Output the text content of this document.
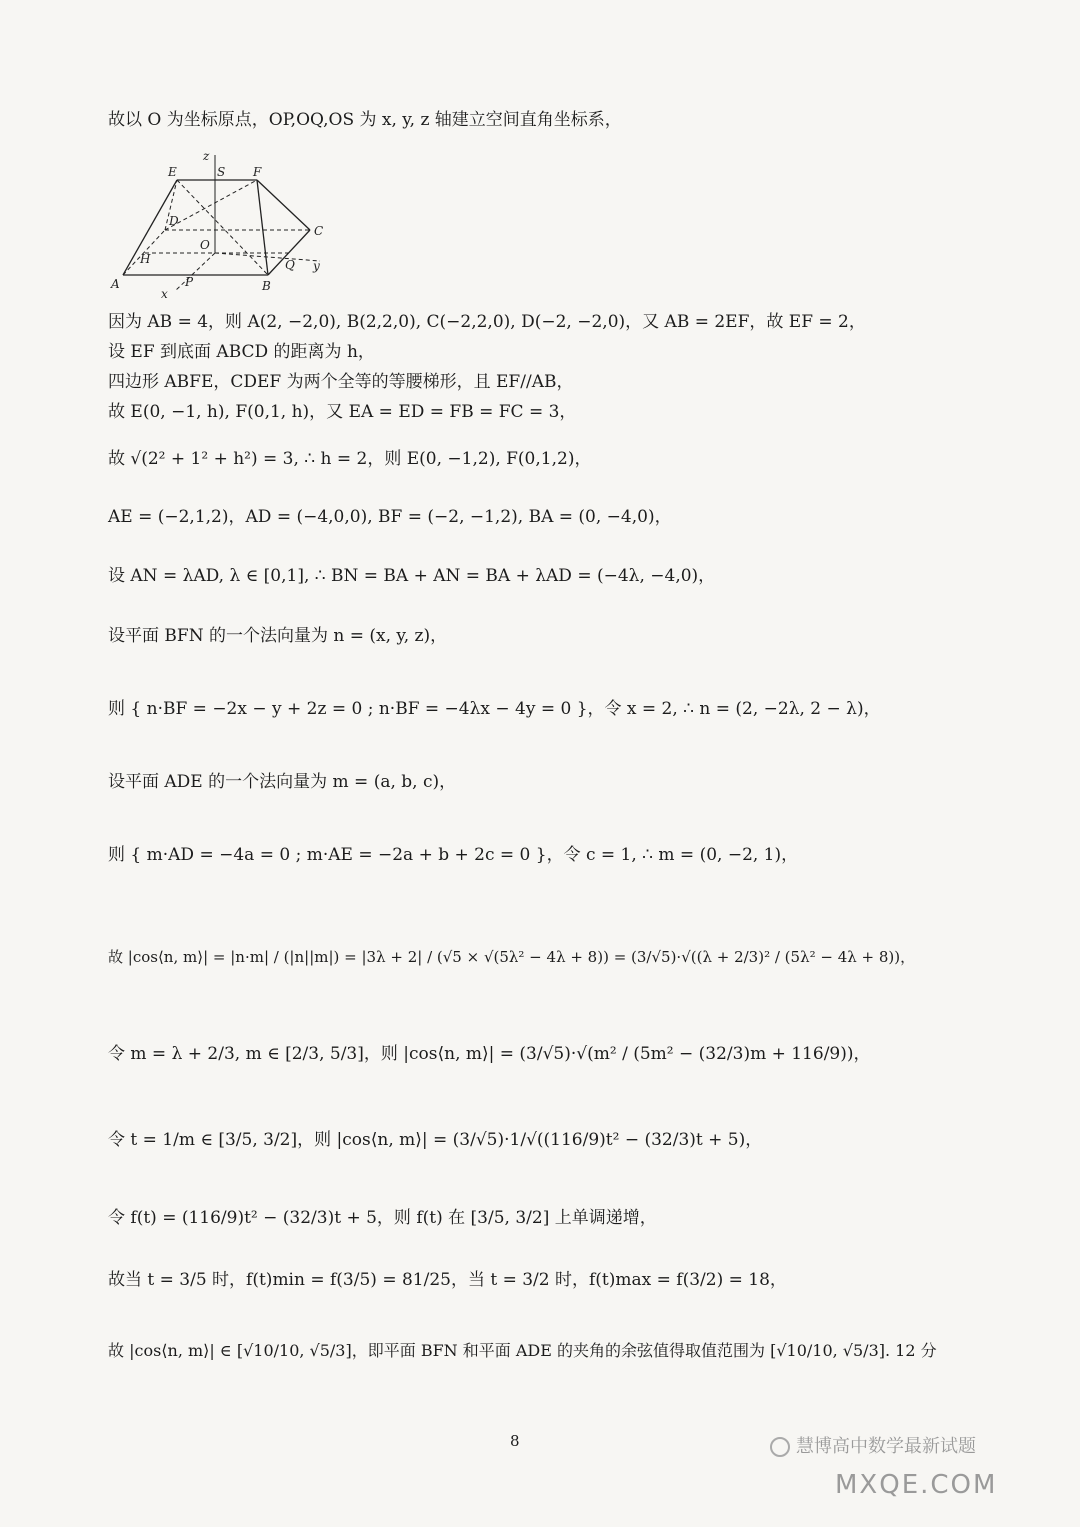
故以 O 为坐标原点，OP,OQ,OS 为 x, y, z 轴建立空间直角坐标系，
E	S F
z
D
C
O
H	Q y
A	P	B
x
因为 AB = 4，则 A(2, −2,0), B(2,2,0), C(−2,2,0), D(−2, −2,0)，又 AB = 2EF，故 EF = 2，
设 EF 到底面 ABCD 的距离为 h，
四边形 ABFE，CDEF 为两个全等的等腰梯形，且 EF//AB，
故 E(0, −1, h), F(0,1, h)，又 EA = ED = FB = FC = 3，
故 √(2² + 1² + h²) = 3, ∴ h = 2，则 E(0, −1,2), F(0,1,2)，
AE = (−2,1,2)，AD = (−4,0,0), BF = (−2, −1,2), BA = (0, −4,0)，
设 AN = λAD, λ ∈ [0,1], ∴ BN = BA + AN = BA + λAD = (−4λ, −4,0)，
设平面 BFN 的一个法向量为 n = (x, y, z)，
则 { n·BF = −2x − y + 2z = 0 ; n·BF = −4λx − 4y = 0 }，令 x = 2, ∴ n = (2, −2λ, 2 − λ)，
设平面 ADE 的一个法向量为 m = (a, b, c)，
则 { m·AD = −4a = 0 ; m·AE = −2a + b + 2c = 0 }，令 c = 1, ∴ m = (0, −2, 1)，
故 |cos⟨n, m⟩| = |n·m| / (|n||m|) = |3λ + 2| / (√5 × √(5λ² − 4λ + 8)) = (3/√5)·√((λ + 2/3)² / (5λ² − 4λ + 8))，
令 m = λ + 2/3, m ∈ [2/3, 5/3]，则 |cos⟨n, m⟩| = (3/√5)·√(m² / (5m² − (32/3)m + 116/9))，
令 t = 1/m ∈ [3/5, 3/2]，则 |cos⟨n, m⟩| = (3/√5)·1/√((116/9)t² − (32/3)t + 5)，
令 f(t) = (116/9)t² − (32/3)t + 5，则 f(t) 在 [3/5, 3/2] 上单调递增，
故当 t = 3/5 时，f(t)min = f(3/5) = 81/25，当 t = 3/2 时，f(t)max = f(3/2) = 18，
故 |cos⟨n, m⟩| ∈ [√10/10, √5/3]，即平面 BFN 和平面 ADE 的夹角的余弦值得取值范围为 [√10/10, √5/3]. 12 分
8	慧博高中数学最新试题
MXQE.COM
